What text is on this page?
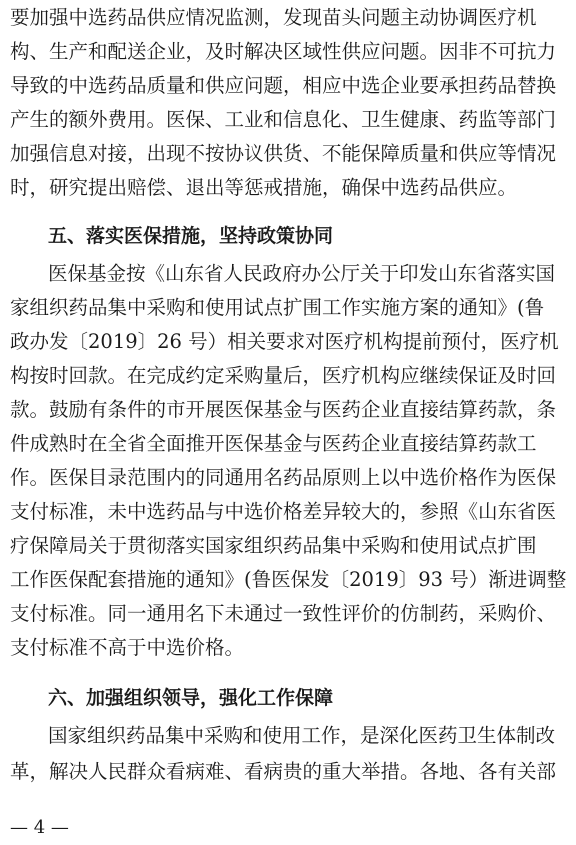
要加强中选药品供应情况监测，发现苗头问题主动协调医疗机
构、生产和配送企业，及时解决区域性供应问题。因非不可抗力
导致的中选药品质量和供应问题，相应中选企业要承担药品替换
产生的额外费用。医保、工业和信息化、卫生健康、药监等部门
加强信息对接，出现不按协议供货、不能保障质量和供应等情况
时，研究提出赔偿、退出等惩戒措施，确保中选药品供应。
五、落实医保措施，坚持政策协同
医保基金按《山东省人民政府办公厅关于印发山东省落实国
家组织药品集中采购和使用试点扩围工作实施方案的通知》(鲁
政办发〔2019〕26 号）相关要求对医疗机构提前预付，医疗机
构按时回款。在完成约定采购量后，医疗机构应继续保证及时回
款。鼓励有条件的市开展医保基金与医药企业直接结算药款，条
件成熟时在全省全面推开医保基金与医药企业直接结算药款工
作。医保目录范围内的同通用名药品原则上以中选价格作为医保
支付标准，未中选药品与中选价格差异较大的，参照《山东省医
疗保障局关于贯彻落实国家组织药品集中采购和使用试点扩围
工作医保配套措施的通知》(鲁医保发〔2019〕93 号）渐进调整
支付标准。同一通用名下未通过一致性评价的仿制药，采购价、
支付标准不高于中选价格。
六、加强组织领导，强化工作保障
国家组织药品集中采购和使用工作，是深化医药卫生体制改
革，解决人民群众看病难、看病贵的重大举措。各地、各有关部
— 4 —
